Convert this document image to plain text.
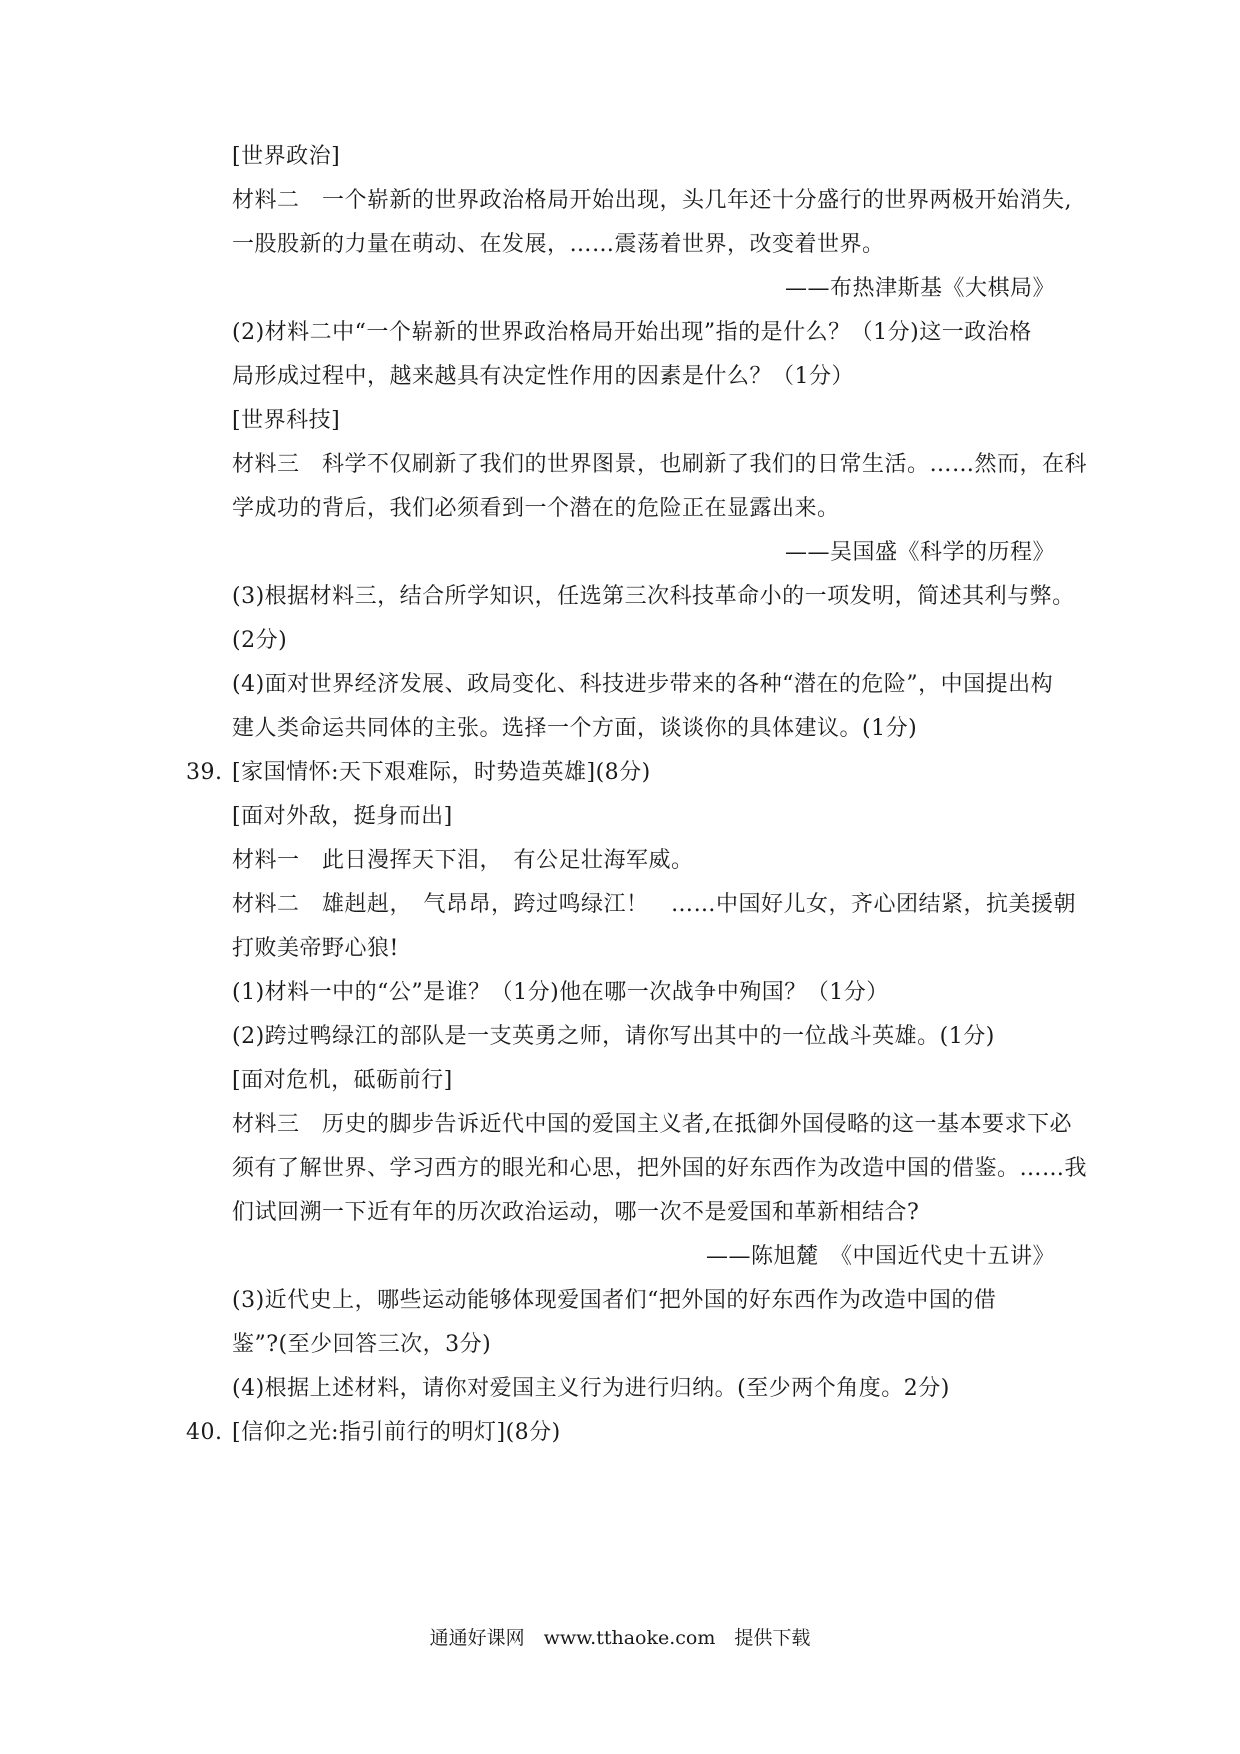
[世界政治]
材料二　一个崭新的世界政治格局开始出现，头几年还十分盛行的世界两极开始消失,
一股股新的力量在萌动、在发展，……震荡着世界，改变着世界。
——布热津斯基《大棋局》
(2)材料二中“一个崭新的世界政治格局开始出现”指的是什么？（1分)这一政治格
局形成过程中，越来越具有决定性作用的因素是什么？（1分）
[世界科技]
材料三　科学不仅刷新了我们的世界图景，也刷新了我们的日常生活。……然而，在科
学成功的背后，我们必须看到一个潜在的危险正在显露出来。
——吴国盛《科学的历程》
(3)根据材料三，结合所学知识，任选第三次科技革命小的一项发明，简述其利与弊。
(2分)
(4)面对世界经济发展、政局变化、科技进步带来的各种“潜在的危险”，中国提出构
建人类命运共同体的主张。选择一个方面，谈谈你的具体建议。(1分)
39. [家国情怀:天下艰难际，时势造英雄](8分)
[面对外敌，挺身而出]
材料一　此日漫挥天下泪，　有公足壮海军威。
材料二　雄赳赳，　气昂昂，跨过鸣绿江！　……中国好儿女，齐心团结紧，抗美援朝
打败美帝野心狼!
(1)材料一中的“公”是谁？（1分)他在哪一次战争中殉国？（1分）
(2)跨过鸭绿江的部队是一支英勇之师，请你写出其中的一位战斗英雄。(1分)
[面对危机，砥砺前行]
材料三　历史的脚步告诉近代中国的爱国主义者,在抵御外国侵略的这一基本要求下必
须有了解世界、学习西方的眼光和心思，把外国的好东西作为改造中国的借鉴。……我
们试回溯一下近有年的历次政治运动，哪一次不是爱国和革新相结合?
——陈旭麓　《中国近代史十五讲》
(3)近代史上，哪些运动能够体现爱国者们“把外国的好东西作为改造中国的借
鉴”?(至少回答三次，3分)
(4)根据上述材料，请你对爱国主义行为进行归纳。(至少两个角度。2分)
40. [信仰之光:指引前行的明灯](8分)
通通好课网　www.tthaoke.com　提供下载
